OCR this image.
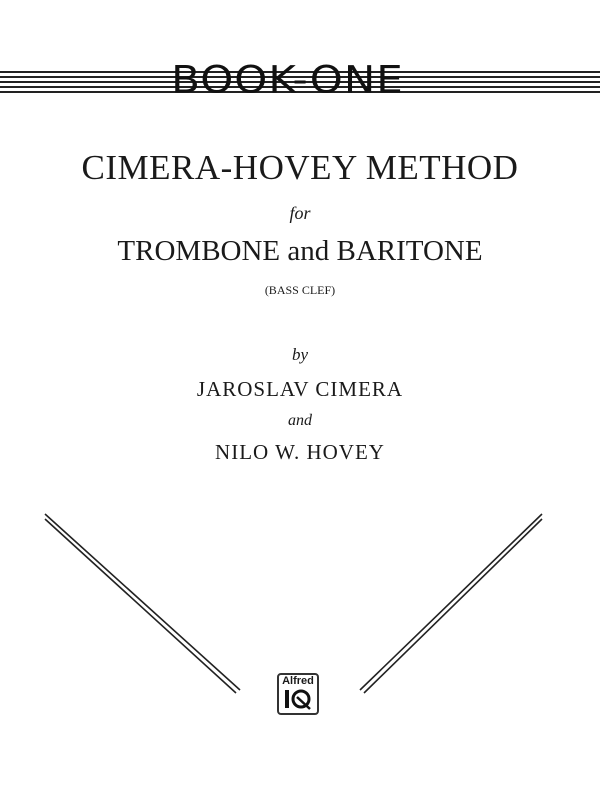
BOOK-ONE
CIMERA-HOVEY METHOD
for
TROMBONE and BARITONE
(BASS CLEF)
by
JAROSLAV CIMERA
and
NILO W. HOVEY
Alfred
